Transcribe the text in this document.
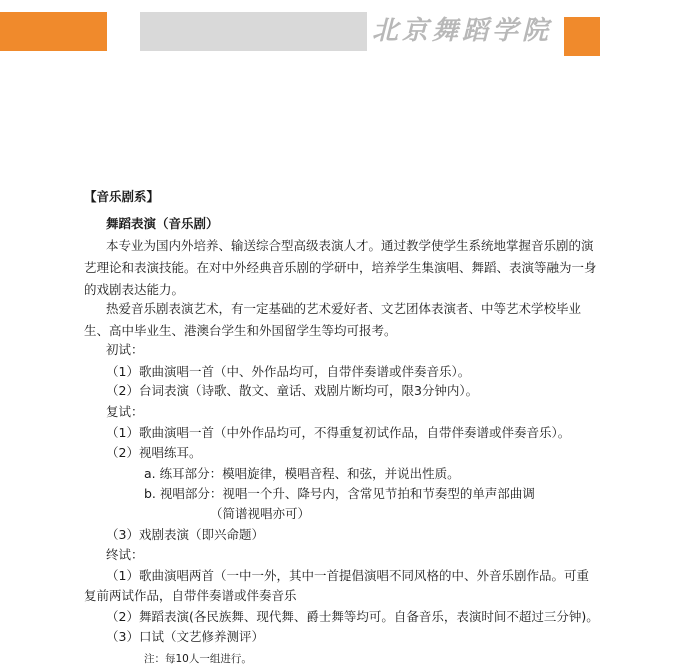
北京舞蹈学院
【音乐剧系】
舞蹈表演（音乐剧）
本专业为国内外培养、输送综合型高级表演人才。通过教学使学生系统地掌握音乐剧的演
艺理论和表演技能。在对中外经典音乐剧的学研中，培养学生集演唱、舞蹈、表演等融为一身
的戏剧表达能力。
热爱音乐剧表演艺术，有一定基础的艺术爱好者、文艺团体表演者、中等艺术学校毕业
生、高中毕业生、港澳台学生和外国留学生等均可报考。
初试：
（1）歌曲演唱一首（中、外作品均可，自带伴奏谱或伴奏音乐）。
（2）台词表演（诗歌、散文、童话、戏剧片断均可，限3分钟内）。
复试：
（1）歌曲演唱一首（中外作品均可，不得重复初试作品，自带伴奏谱或伴奏音乐）。
（2）视唱练耳。
a. 练耳部分：模唱旋律，模唱音程、和弦，并说出性质。
b. 视唱部分：视唱一个升、降号内，含常见节拍和节奏型的单声部曲调
（简谱视唱亦可）
（3）戏剧表演（即兴命题）
终试：
（1）歌曲演唱两首（一中一外，其中一首提倡演唱不同风格的中、外音乐剧作品。可重
复前两试作品，自带伴奏谱或伴奏音乐
（2）舞蹈表演(各民族舞、现代舞、爵士舞等均可。自备音乐，表演时间不超过三分钟)。
（3）口试（文艺修养测评）
注：每10人一组进行。
